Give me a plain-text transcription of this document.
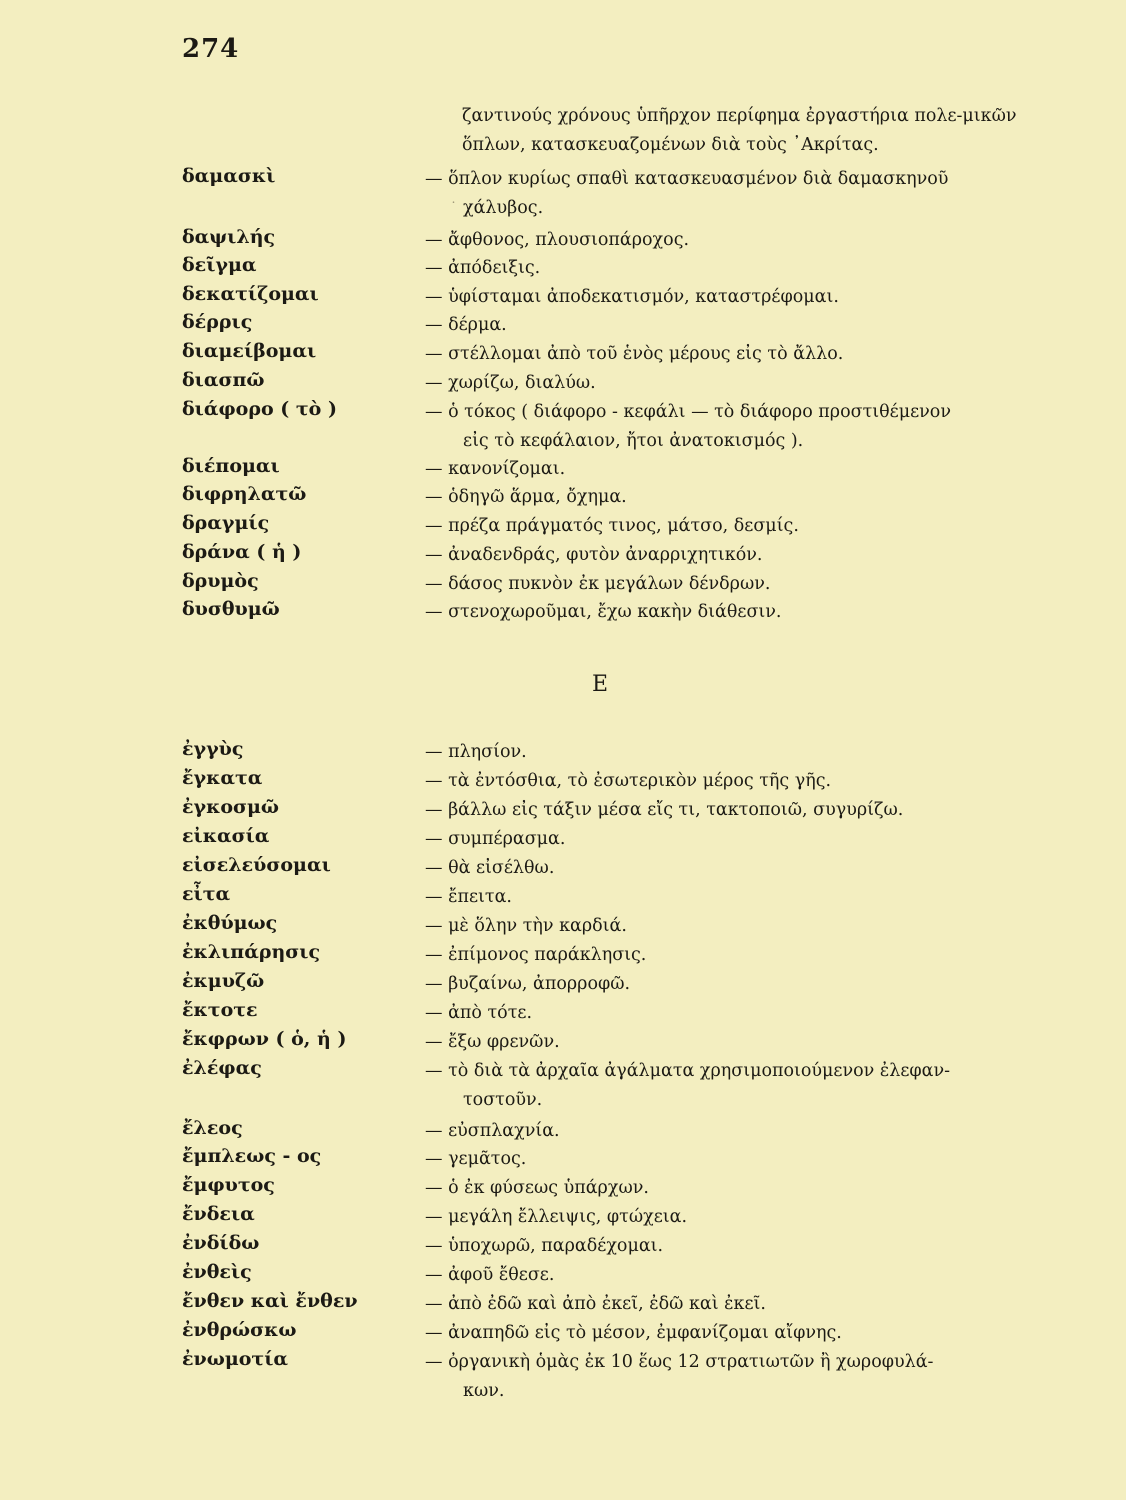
274
ζαντινούς χρόνους ὑπῆρχον περίφημα ἐργαστήρια πολε-μικῶν ὅπλων, κατασκευαζομένων διὰ τοὺς ᾿Ακρίτας.
˙
δαμασκὶ	— ὅπλον κυρίως σπαθὶ κατασκευασμένον διὰ δαμασκηνοῦ
χάλυβος.
δαψιλής	— ἄφθονος, πλουσιοπάροχος.
δεῖγμα	— ἀπόδειξις.
δεκατίζομαι	— ὑφίσταμαι ἀποδεκατισμόν, καταστρέφομαι.
δέρρις	— δέρμα.
διαμείβομαι	— στέλλομαι ἀπὸ τοῦ ἑνὸς μέρους εἰς τὸ ἄλλο.
διασπῶ	— χωρίζω, διαλύω.
διάφορο ( τὸ )	— ὁ τόκος ( διάφορο - κεφάλι — τὸ διάφορο προστιθέμενον
εἰς τὸ κεφάλαιον, ἤτοι ἀνατοκισμός ).
διέπομαι	— κανονίζομαι.
διφρηλατῶ	— ὁδηγῶ ἅρμα, ὄχημα.
δραγμίς	— πρέζα πράγματός τινος, μάτσο, δεσμίς.
δράνα ( ἡ )	— ἀναδενδράς, φυτὸν ἀναρριχητικόν.
δρυμὸς	— δάσος πυκνὸν ἐκ μεγάλων δένδρων.
δυσθυμῶ	— στενοχωροῦμαι, ἔχω κακὴν διάθεσιν.
Ε
ἐγγὺς	— πλησίον.
ἔγκατα	— τὰ ἐντόσθια, τὸ ἐσωτερικὸν μέρος τῆς γῆς.
ἐγκοσμῶ	— βάλλω εἰς τάξιν μέσα εἴς τι, τακτοποιῶ, συγυρίζω.
εἰκασία	— συμπέρασμα.
εἰσελεύσομαι	— θὰ εἰσέλθω.
εἶτα	— ἔπειτα.
ἐκθύμως	— μὲ ὅλην τὴν καρδιά.
ἐκλιπάρησις	— ἐπίμονος παράκλησις.
ἐκμυζῶ	— βυζαίνω, ἀπορροφῶ.
ἔκτοτε	— ἀπὸ τότε.
ἔκφρων ( ὁ, ἡ )	— ἔξω φρενῶν.
ἐλέφας	— τὸ διὰ τὰ ἀρχαῖα ἀγάλματα χρησιμοποιούμενον ἐλεφαν-
τοστοῦν.
ἔλεος	— εὐσπλαχνία.
ἔμπλεως - ος	— γεμᾶτος.
ἔμφυτος	— ὁ ἐκ φύσεως ὑπάρχων.
ἔνδεια	— μεγάλη ἔλλειψις, φτώχεια.
ἐνδίδω	— ὑποχωρῶ, παραδέχομαι.
ἐνθεὶς	— ἀφοῦ ἔθεσε.
ἔνθεν καὶ ἔνθεν	— ἀπὸ ἐδῶ καὶ ἀπὸ ἐκεῖ, ἐδῶ καὶ ἐκεῖ.
ἐνθρώσκω	— ἀναπηδῶ εἰς τὸ μέσον, ἐμφανίζομαι αἴφνης.
ἐνωμοτία	— ὀργανικὴ ὁμὰς ἐκ 10 ἕως 12 στρατιωτῶν ἢ χωροφυλά-
κων.
